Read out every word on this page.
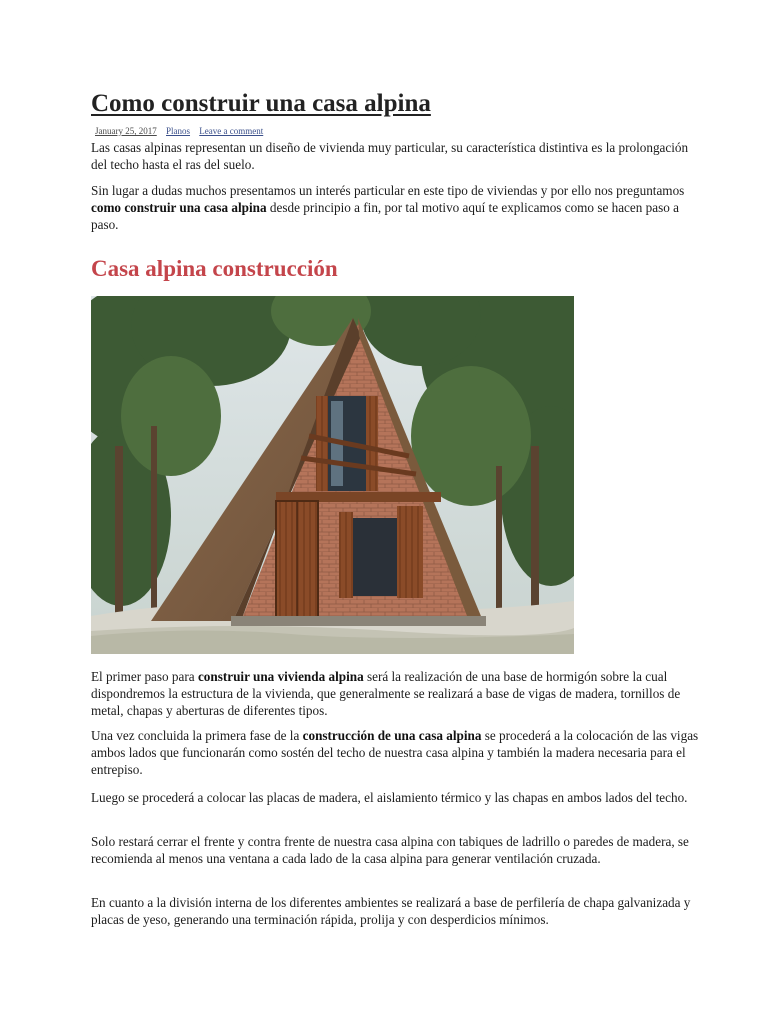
Como construir una casa alpina
January 25, 2017 Planos Leave a comment

Las casas alpinas representan un diseño de vivienda muy particular, su característica distintiva es la prolongación del techo hasta el ras del suelo.

Sin lugar a dudas muchos presentamos un interés particular en este tipo de viviendas y por ello nos preguntamos como construir una casa alpina desde principio a fin, por tal motivo aquí te explicamos como se hacen paso a paso.

Casa alpina construcción

El primer paso para construir una vivienda alpina será la realización de una base de hormigón sobre la cual dispondremos la estructura de la vivienda, que generalmente se realizará a base de vigas de madera, tornillos de metal, chapas y aberturas de diferentes tipos.

Una vez concluida la primera fase de la construcción de una casa alpina se procederá a la colocación de las vigas ambos lados que funcionarán como sostén del techo de nuestra casa alpina y también la madera necesaria para el entrepiso.

Luego se procederá a colocar las placas de madera, el aislamiento térmico y las chapas en ambos lados del techo.

Solo restará cerrar el frente y contra frente de nuestra casa alpina con tabiques de ladrillo o paredes de madera, se recomienda al menos una ventana a cada lado de la casa alpina para generar ventilación cruzada.

En cuanto a la división interna de los diferentes ambientes se realizará a base de perfilería de chapa galvanizada y placas de yeso, generando una terminación rápida, prolija y con desperdicios mínimos.
